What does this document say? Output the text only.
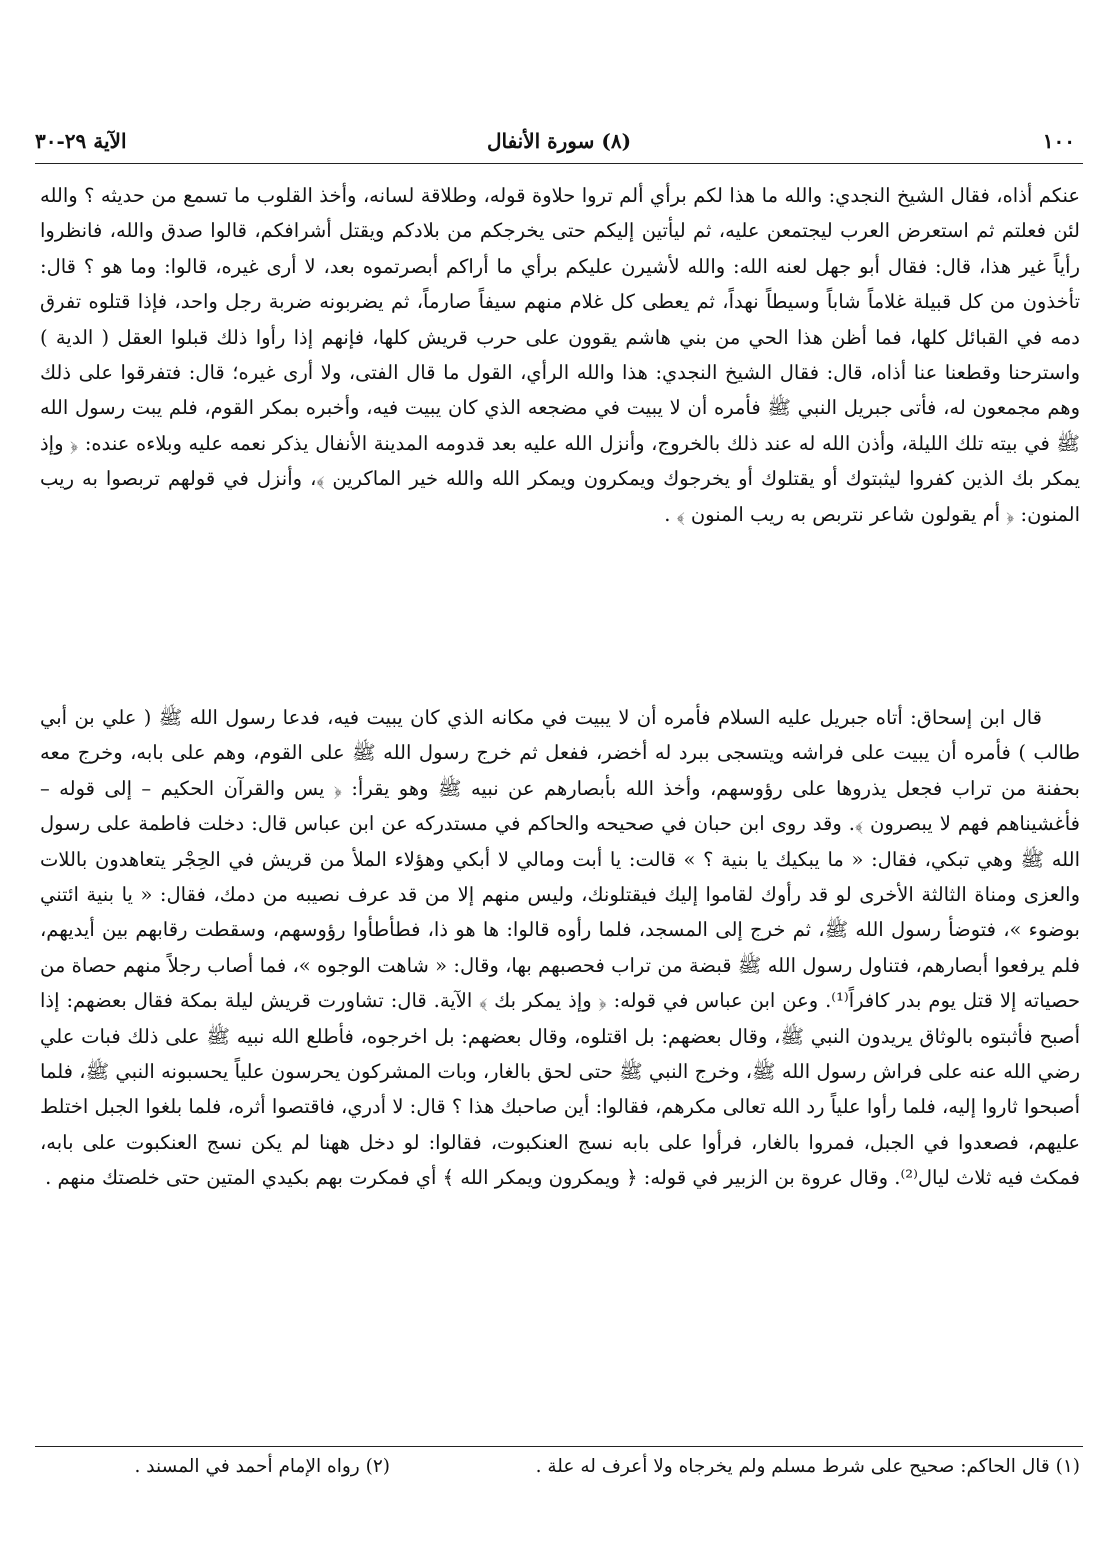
الآية ٢٩-٣٠	(٨) سورة الأنفال	١٠٠
عنكم أذاه، فقال الشيخ النجدي: والله ما هذا لكم برأي ألم تروا حلاوة قوله، وطلاقة لسانه، وأخذ القلوب ما تسمع من حديثه ؟ والله لئن فعلتم ثم استعرض العرب ليجتمعن عليه، ثم ليأتين إليكم حتى يخرجكم من بلادكم ويقتل أشرافكم، قالوا صدق والله، فانظروا رأياً غير هذا، قال: فقال أبو جهل لعنه الله: والله لأشيرن عليكم برأي ما أراكم أبصرتموه بعد، لا أرى غيره، قالوا: وما هو ؟ قال: تأخذون من كل قبيلة غلاماً شاباً وسيطاً نهداً، ثم يعطى كل غلام منهم سيفاً صارماً، ثم يضربونه ضربة رجل واحد، فإذا قتلوه تفرق دمه في القبائل كلها، فما أظن هذا الحي من بني هاشم يقوون على حرب قريش كلها، فإنهم إذا رأوا ذلك قبلوا العقل ( الدية ) واسترحنا وقطعنا عنا أذاه، قال: فقال الشيخ النجدي: هذا والله الرأي، القول ما قال الفتى، ولا أرى غيره؛ قال: فتفرقوا على ذلك وهم مجمعون له، فأتى جبريل النبي ﷺ فأمره أن لا يبيت في مضجعه الذي كان يبيت فيه، وأخبره بمكر القوم، فلم يبت رسول الله ﷺ في بيته تلك الليلة، وأذن الله له عند ذلك بالخروج، وأنزل الله عليه بعد قدومه المدينة الأنفال يذكر نعمه عليه وبلاءه عنده: ﴿ وإذ يمكر بك الذين كفروا ليثبتوك أو يقتلوك أو يخرجوك ويمكرون ويمكر الله والله خير الماكرين ﴾، وأنزل في قولهم تربصوا به ريب المنون: ﴿ أم يقولون شاعر نتربص به ريب المنون ﴾ .
قال ابن إسحاق: أتاه جبريل عليه السلام فأمره أن لا يبيت في مكانه الذي كان يبيت فيه، فدعا رسول الله ﷺ ( علي بن أبي طالب ) فأمره أن يبيت على فراشه ويتسجى ببرد له أخضر، ففعل ثم خرج رسول الله ﷺ على القوم، وهم على بابه، وخرج معه بحفنة من تراب فجعل يذروها على رؤوسهم، وأخذ الله بأبصارهم عن نبيه ﷺ وهو يقرأ: ﴿ يس والقرآن الحكيم – إلى قوله – فأغشيناهم فهم لا يبصرون ﴾. وقد روى ابن حبان في صحيحه والحاكم في مستدركه عن ابن عباس قال: دخلت فاطمة على رسول الله ﷺ وهي تبكي، فقال: « ما يبكيك يا بنية ؟ » قالت: يا أبت ومالي لا أبكي وهؤلاء الملأ من قريش في الحِجْر يتعاهدون باللات والعزى ومناة الثالثة الأخرى لو قد رأوك لقاموا إليك فيقتلونك، وليس منهم إلا من قد عرف نصيبه من دمك، فقال: « يا بنية ائتني بوضوء »، فتوضأ رسول الله ﷺ، ثم خرج إلى المسجد، فلما رأوه قالوا: ها هو ذا، فطأطأوا رؤوسهم، وسقطت رقابهم بين أيديهم، فلم يرفعوا أبصارهم، فتناول رسول الله ﷺ قبضة من تراب فحصبهم بها، وقال: « شاهت الوجوه »، فما أصاب رجلاً منهم حصاة من حصياته إلا قتل يوم بدر كافراً⁽¹⁾. وعن ابن عباس في قوله: ﴿ وإذ يمكر بك ﴾ الآية. قال: تشاورت قريش ليلة بمكة فقال بعضهم: إذا أصبح فأثبتوه بالوثاق يريدون النبي ﷺ، وقال بعضهم: بل اقتلوه، وقال بعضهم: بل اخرجوه، فأطلع الله نبيه ﷺ على ذلك فبات علي رضي الله عنه على فراش رسول الله ﷺ، وخرج النبي ﷺ حتى لحق بالغار، وبات المشركون يحرسون علياً يحسبونه النبي ﷺ، فلما أصبحوا ثاروا إليه، فلما رأوا علياً رد الله تعالى مكرهم، فقالوا: أين صاحبك هذا ؟ قال: لا أدري، فاقتصوا أثره، فلما بلغوا الجبل اختلط عليهم، فصعدوا في الجبل، فمروا بالغار، فرأوا على بابه نسج العنكبوت، فقالوا: لو دخل ههنا لم يكن نسج العنكبوت على بابه، فمكث فيه ثلاث ليال⁽²⁾. وقال عروة بن الزبير في قوله: ﴿ ويمكرون ويمكر الله ﴾ أي فمكرت بهم بكيدي المتين حتى خلصتك منهم .
(١) قال الحاكم: صحيح على شرط مسلم ولم يخرجاه ولا أعرف له علة .
(٢) رواه الإمام أحمد في المسند .
